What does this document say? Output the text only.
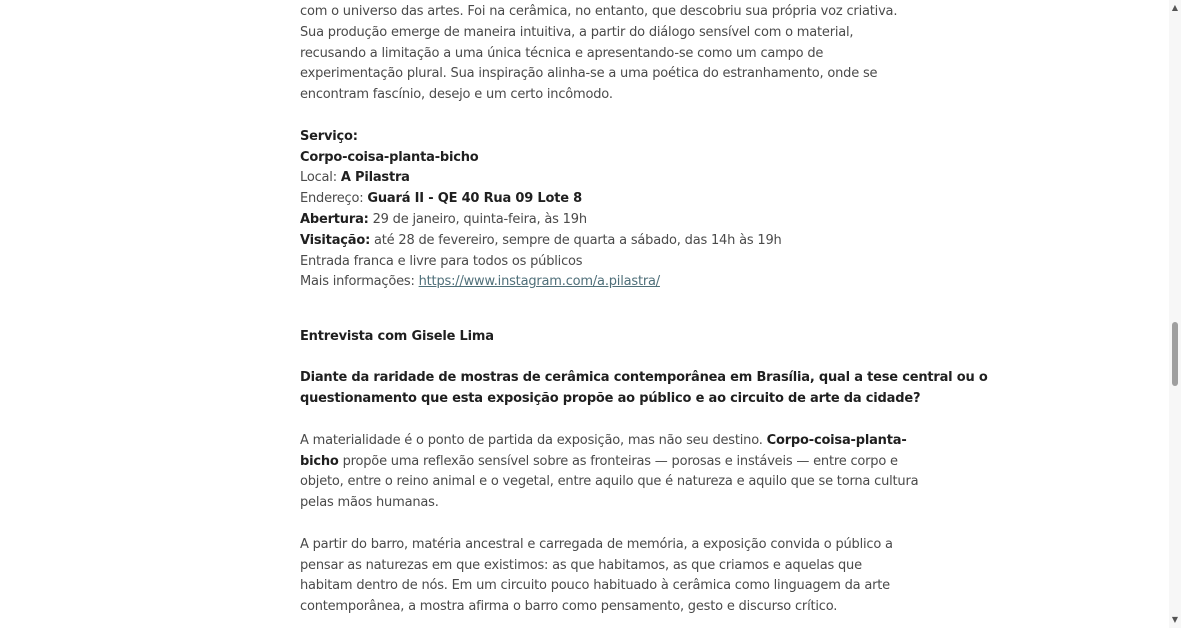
com o universo das artes. Foi na cerâmica, no entanto, que descobriu sua própria voz criativa.
Sua produção emerge de maneira intuitiva, a partir do diálogo sensível com o material,
recusando a limitação a uma única técnica e apresentando-se como um campo de
experimentação plural. Sua inspiração alinha-se a uma poética do estranhamento, onde se
encontram fascínio, desejo e um certo incômodo.

Serviço:
Corpo-coisa-planta-bicho
Local: A Pilastra
Endereço: Guará II - QE 40 Rua 09 Lote 8
Abertura: 29 de janeiro, quinta-feira, às 19h
Visitação: até 28 de fevereiro, sempre de quarta a sábado, das 14h às 19h
Entrada franca e livre para todos os públicos
Mais informações: https://www.instagram.com/a.pilastra/

Entrevista com Gisele Lima

Diante da raridade de mostras de cerâmica contemporânea em Brasília, qual a tese central ou o
questionamento que esta exposição propõe ao público e ao circuito de arte da cidade?

A materialidade é o ponto de partida da exposição, mas não seu destino. Corpo-coisa-planta-
bicho propõe uma reflexão sensível sobre as fronteiras — porosas e instáveis — entre corpo e
objeto, entre o reino animal e o vegetal, entre aquilo que é natureza e aquilo que se torna cultura
pelas mãos humanas.

A partir do barro, matéria ancestral e carregada de memória, a exposição convida o público a
pensar as naturezas em que existimos: as que habitamos, as que criamos e aquelas que
habitam dentro de nós. Em um circuito pouco habituado à cerâmica como linguagem da arte
contemporânea, a mostra afirma o barro como pensamento, gesto e discurso crítico.

▲
▼
